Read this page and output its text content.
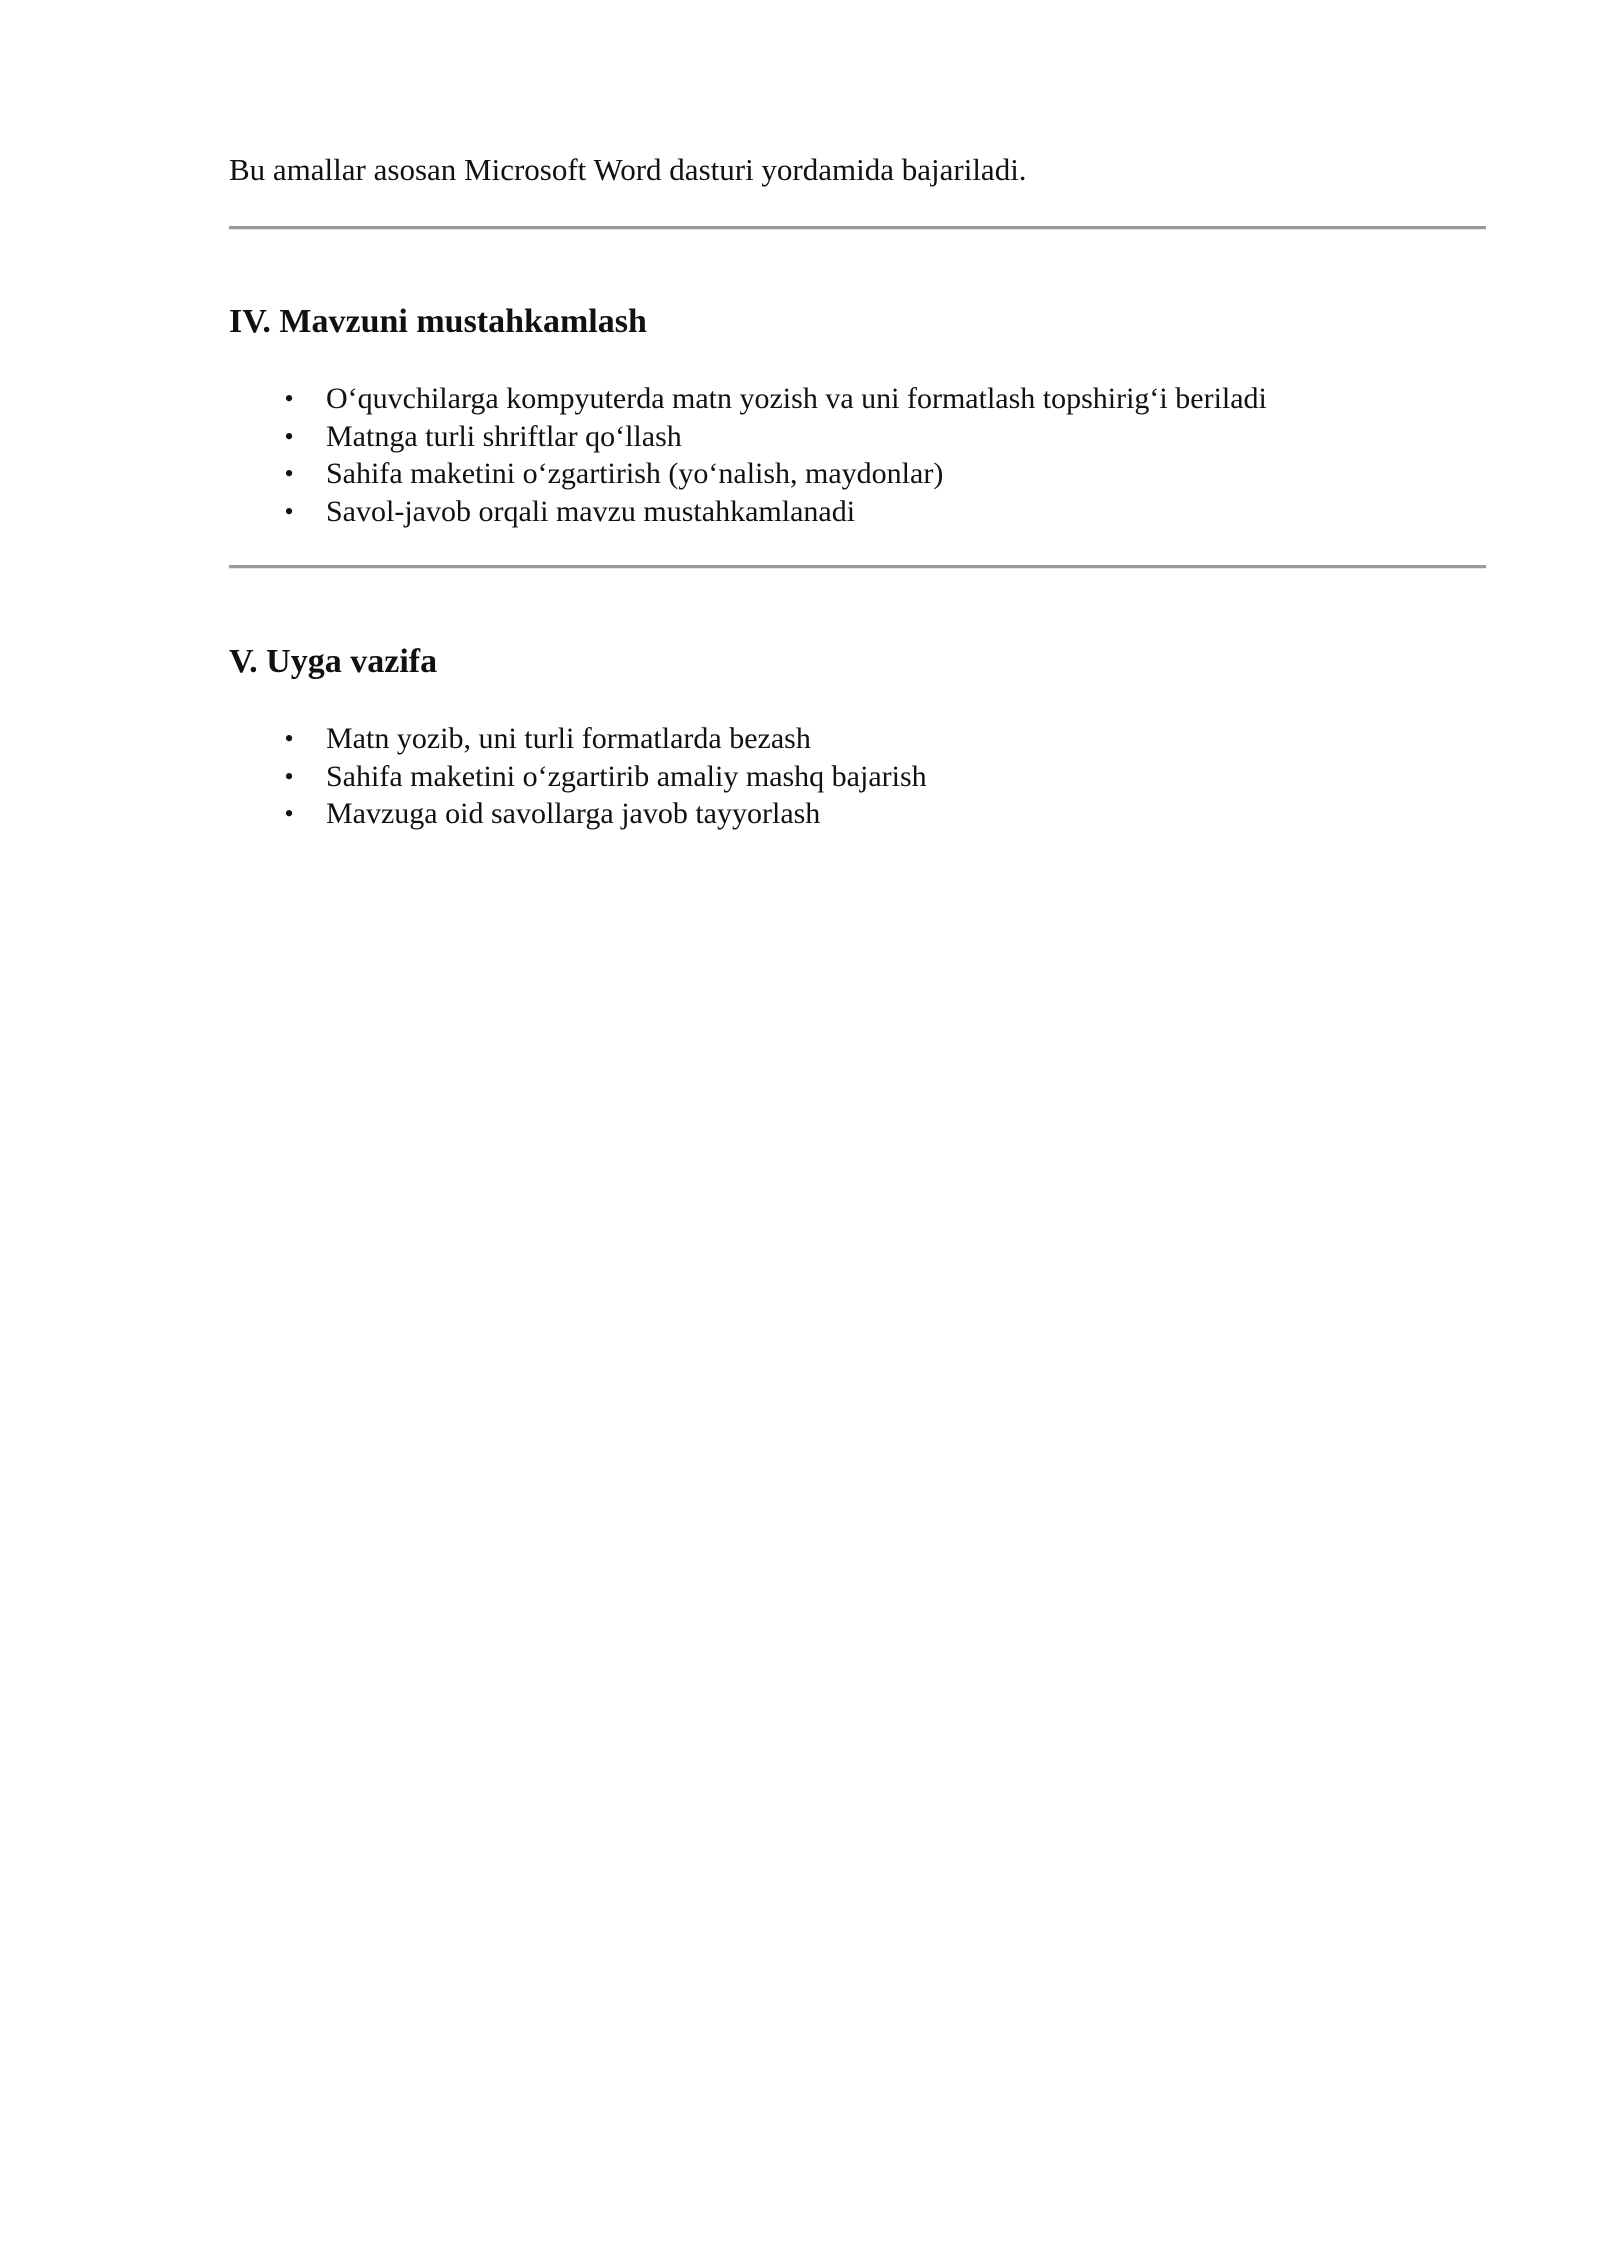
Bu amallar asosan Microsoft Word dasturi yordamida bajariladi.

IV. Mavzuni mustahkamlash
• O‘quvchilarga kompyuterda matn yozish va uni formatlash topshirig‘i beriladi
• Matnga turli shriftlar qo‘llash
• Sahifa maketini o‘zgartirish (yo‘nalish, maydonlar)
• Savol-javob orqali mavzu mustahkamlanadi
V. Uyga vazifa
• Matn yozib, uni turli formatlarda bezash
• Sahifa maketini o‘zgartirib amaliy mashq bajarish
• Mavzuga oid savollarga javob tayyorlash
